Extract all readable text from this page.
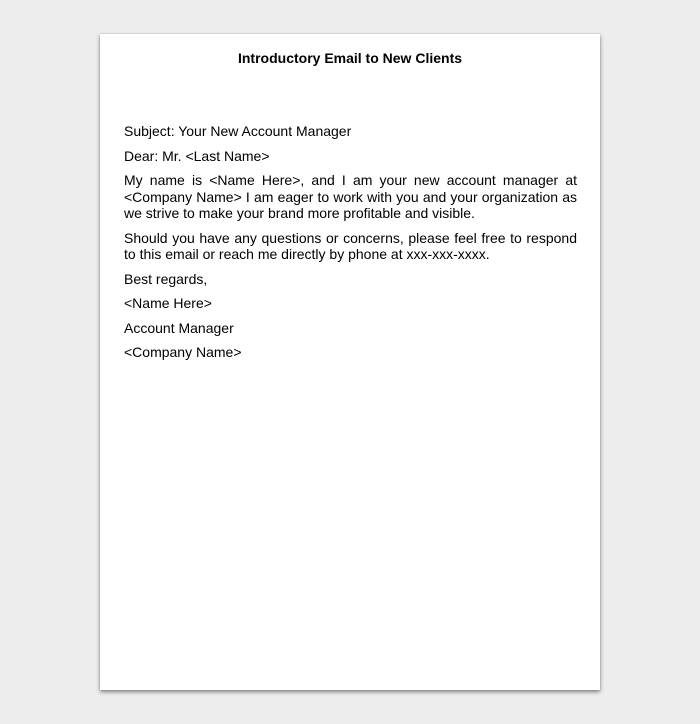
Introductory Email to New Clients

Subject: Your New Account Manager

Dear: Mr. <Last Name>

My name is <Name Here>, and I am your new account manager at <Company Name> I am eager to work with you and your organization as we strive to make your brand more profitable and visible.

Should you have any questions or concerns, please feel free to respond to this email or reach me directly by phone at xxx-xxx-xxxx.

Best regards,

<Name Here>

Account Manager

<Company Name>
